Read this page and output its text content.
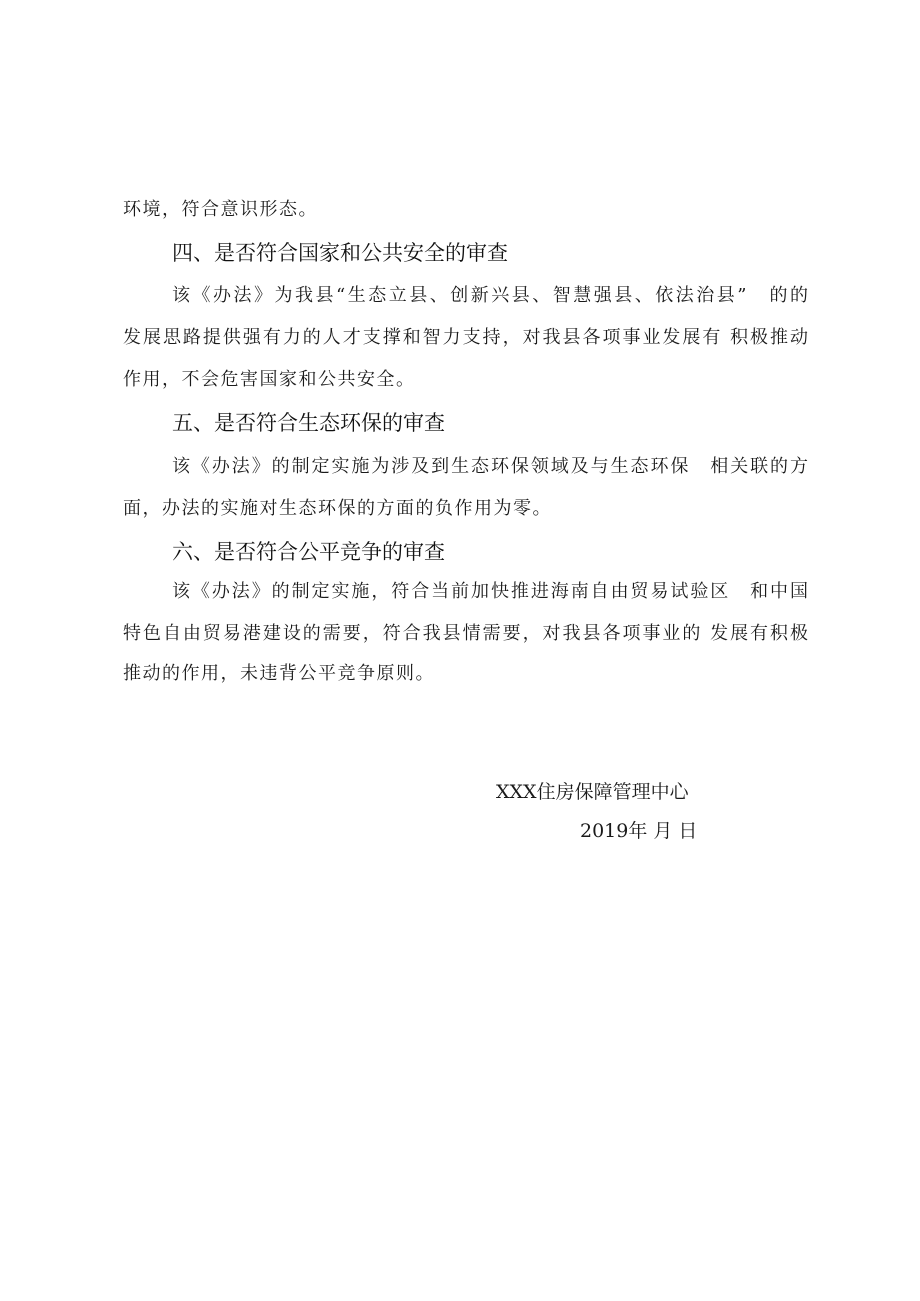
环境，符合意识形态。
四、是否符合国家和公共安全的审查
该《办法》为我县“生态立县、创新兴县、智慧强县、依法治县”　的的
发展思路提供强有力的人才支撑和智力支持，对我县各项事业发展有 积极推动
作用，不会危害国家和公共安全。
五、是否符合生态环保的审查
该《办法》的制定实施为涉及到生态环保领域及与生态环保　相关联的方
面，办法的实施对生态环保的方面的负作用为零。
六、是否符合公平竞争的审查
该《办法》的制定实施，符合当前加快推进海南自由贸易试验区　和中国
特色自由贸易港建设的需要，符合我县情需要，对我县各项事业的 发展有积极
推动的作用，未违背公平竞争原则。
XXX住房保障管理中心
2019年 月 日
